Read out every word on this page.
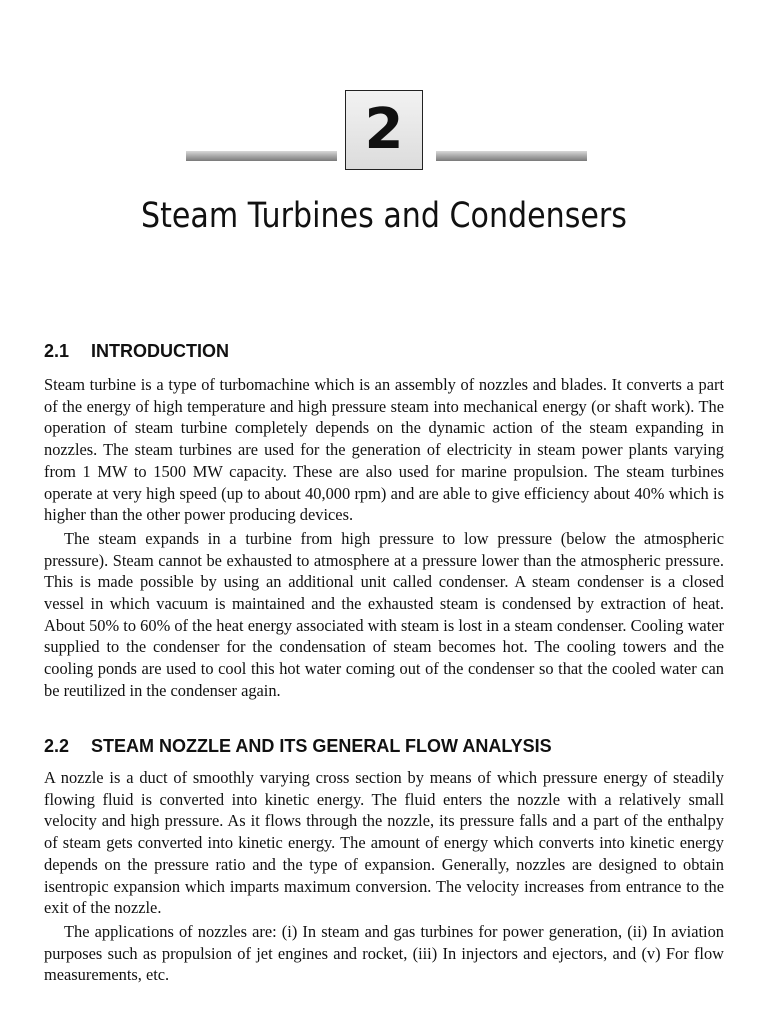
2
Steam Turbines and Condensers
2.1 INTRODUCTION

Steam turbine is a type of turbomachine which is an assembly of nozzles and blades. It converts a part of the energy of high temperature and high pressure steam into mechanical energy (or shaft work). The operation of steam turbine completely depends on the dynamic action of the steam expanding in nozzles. The steam turbines are used for the generation of electricity in steam power plants varying from 1 MW to 1500 MW capacity. These are also used for marine propulsion. The steam turbines operate at very high speed (up to about 40,000 rpm) and are able to give efficiency about 40% which is higher than the other power producing devices.

The steam expands in a turbine from high pressure to low pressure (below the atmospheric pressure). Steam cannot be exhausted to atmosphere at a pressure lower than the atmospheric pressure. This is made possible by using an additional unit called condenser. A steam condenser is a closed vessel in which vacuum is maintained and the exhausted steam is condensed by extraction of heat. About 50% to 60% of the heat energy associated with steam is lost in a steam condenser. Cooling water supplied to the condenser for the condensation of steam becomes hot. The cooling towers and the cooling ponds are used to cool this hot water coming out of the condenser so that the cooled water can be reutilized in the condenser again.

2.2 STEAM NOZZLE AND ITS GENERAL FLOW ANALYSIS

A nozzle is a duct of smoothly varying cross section by means of which pressure energy of steadily flowing fluid is converted into kinetic energy. The fluid enters the nozzle with a relatively small velocity and high pressure. As it flows through the nozzle, its pressure falls and a part of the enthalpy of steam gets converted into kinetic energy. The amount of energy which converts into kinetic energy depends on the pressure ratio and the type of expansion. Generally, nozzles are designed to obtain isentropic expansion which imparts maximum conversion. The velocity increases from entrance to the exit of the nozzle.

The applications of nozzles are: (i) In steam and gas turbines for power generation, (ii) In aviation purposes such as propulsion of jet engines and rocket, (iii) In injectors and ejectors, and (v) For flow measurements, etc.
